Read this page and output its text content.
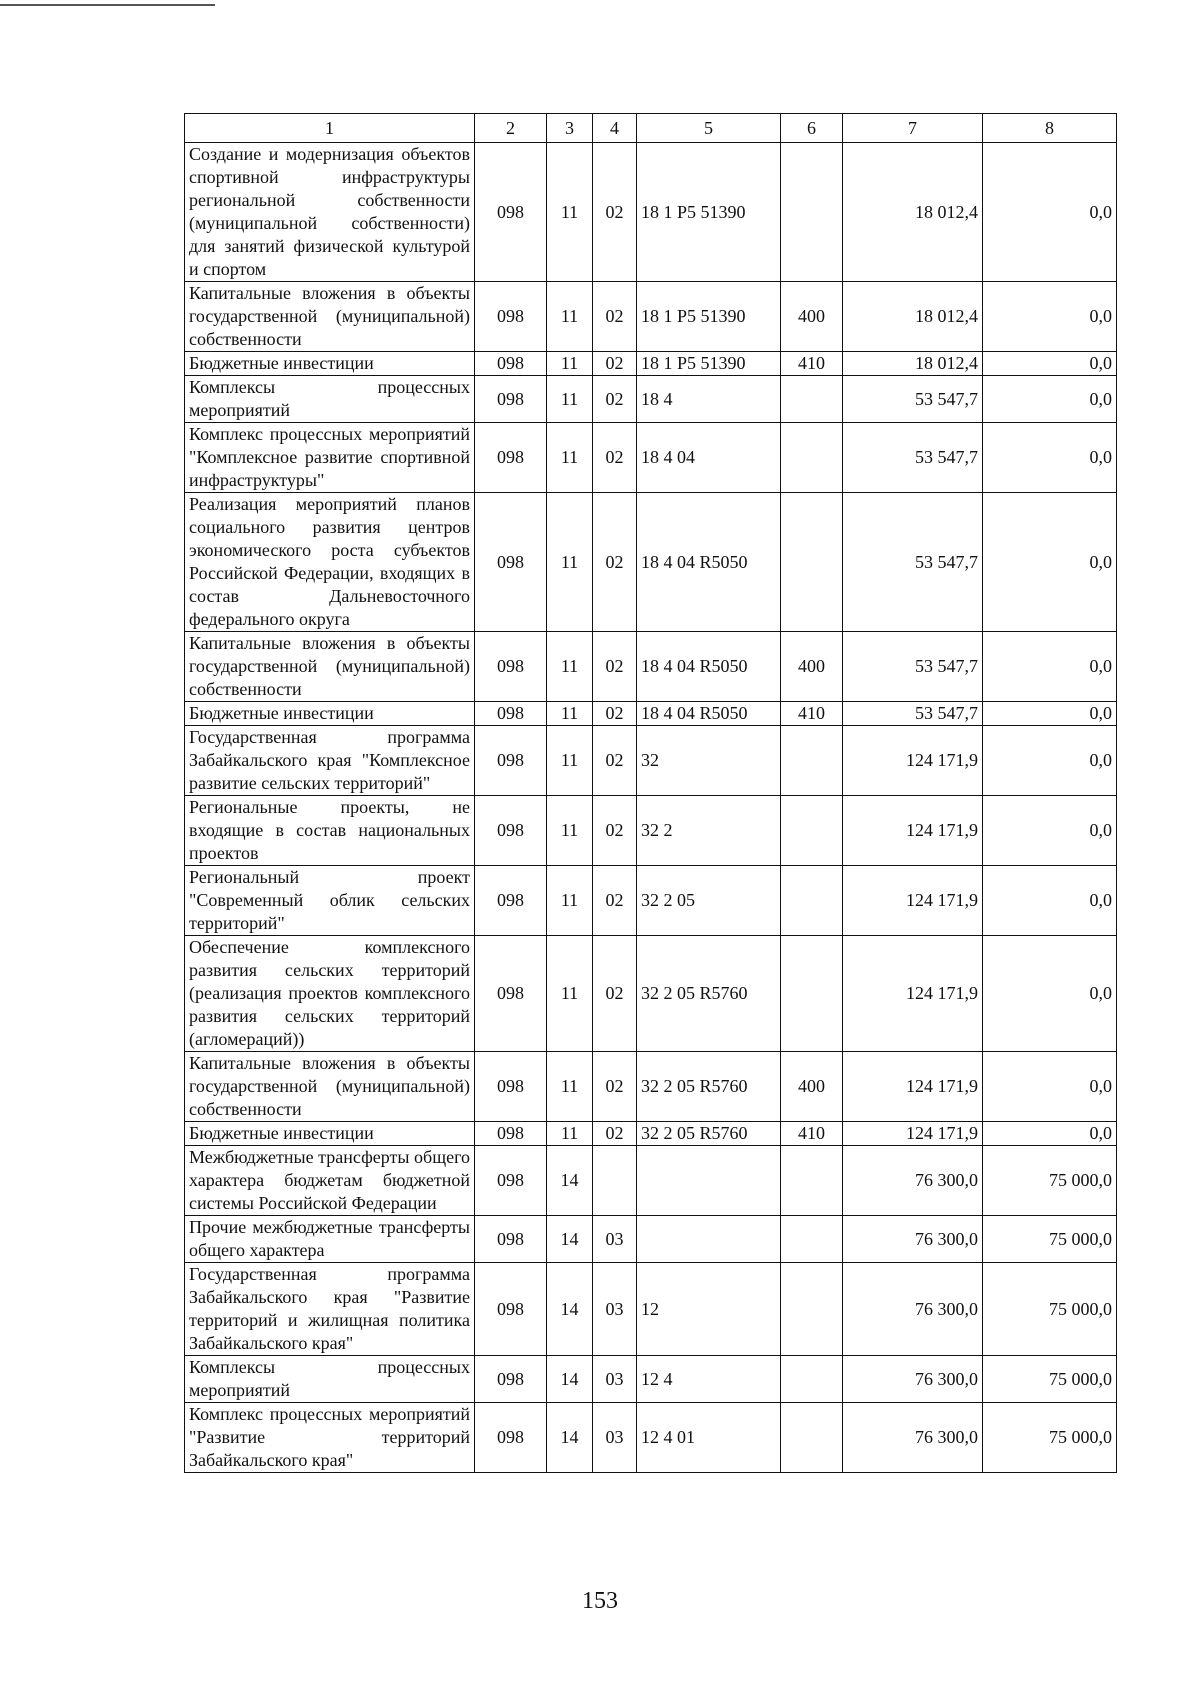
1	2	3	4	5	6	7	8
Создание и модернизация объектов спортивной инфраструктуры региональной собственности (муниципальной собственности) для занятий физической культурой и спортом	098	11	02	18 1 P5 51390		18 012,4	0,0
Капитальные вложения в объекты государственной (муниципальной) собственности	098	11	02	18 1 P5 51390	400	18 012,4	0,0
Бюджетные инвестиции	098	11	02	18 1 P5 51390	410	18 012,4	0,0
Комплексы процессных мероприятий	098	11	02	18 4		53 547,7	0,0
Комплекс процессных мероприятий "Комплексное развитие спортивной инфраструктуры"	098	11	02	18 4 04		53 547,7	0,0
Реализация мероприятий планов социального развития центров экономического роста субъектов Российской Федерации, входящих в состав Дальневосточного федерального округа	098	11	02	18 4 04 R5050		53 547,7	0,0
Капитальные вложения в объекты государственной (муниципальной) собственности	098	11	02	18 4 04 R5050	400	53 547,7	0,0
Бюджетные инвестиции	098	11	02	18 4 04 R5050	410	53 547,7	0,0
Государственная программа Забайкальского края "Комплексное развитие сельских территорий"	098	11	02	32		124 171,9	0,0
Региональные проекты, не входящие в состав национальных проектов	098	11	02	32 2		124 171,9	0,0
Региональный проект "Современный облик сельских территорий"	098	11	02	32 2 05		124 171,9	0,0
Обеспечение комплексного развития сельских территорий (реализация проектов комплексного развития сельских территорий (агломераций))	098	11	02	32 2 05 R5760		124 171,9	0,0
Капитальные вложения в объекты государственной (муниципальной) собственности	098	11	02	32 2 05 R5760	400	124 171,9	0,0
Бюджетные инвестиции	098	11	02	32 2 05 R5760	410	124 171,9	0,0
Межбюджетные трансферты общего характера бюджетам бюджетной системы Российской Федерации	098	14				76 300,0	75 000,0
Прочие межбюджетные трансферты общего характера	098	14	03			76 300,0	75 000,0
Государственная программа Забайкальского края "Развитие территорий и жилищная политика Забайкальского края"	098	14	03	12		76 300,0	75 000,0
Комплексы процессных мероприятий	098	14	03	12 4		76 300,0	75 000,0
Комплекс процессных мероприятий "Развитие территорий Забайкальского края"	098	14	03	12 4 01		76 300,0	75 000,0
153
